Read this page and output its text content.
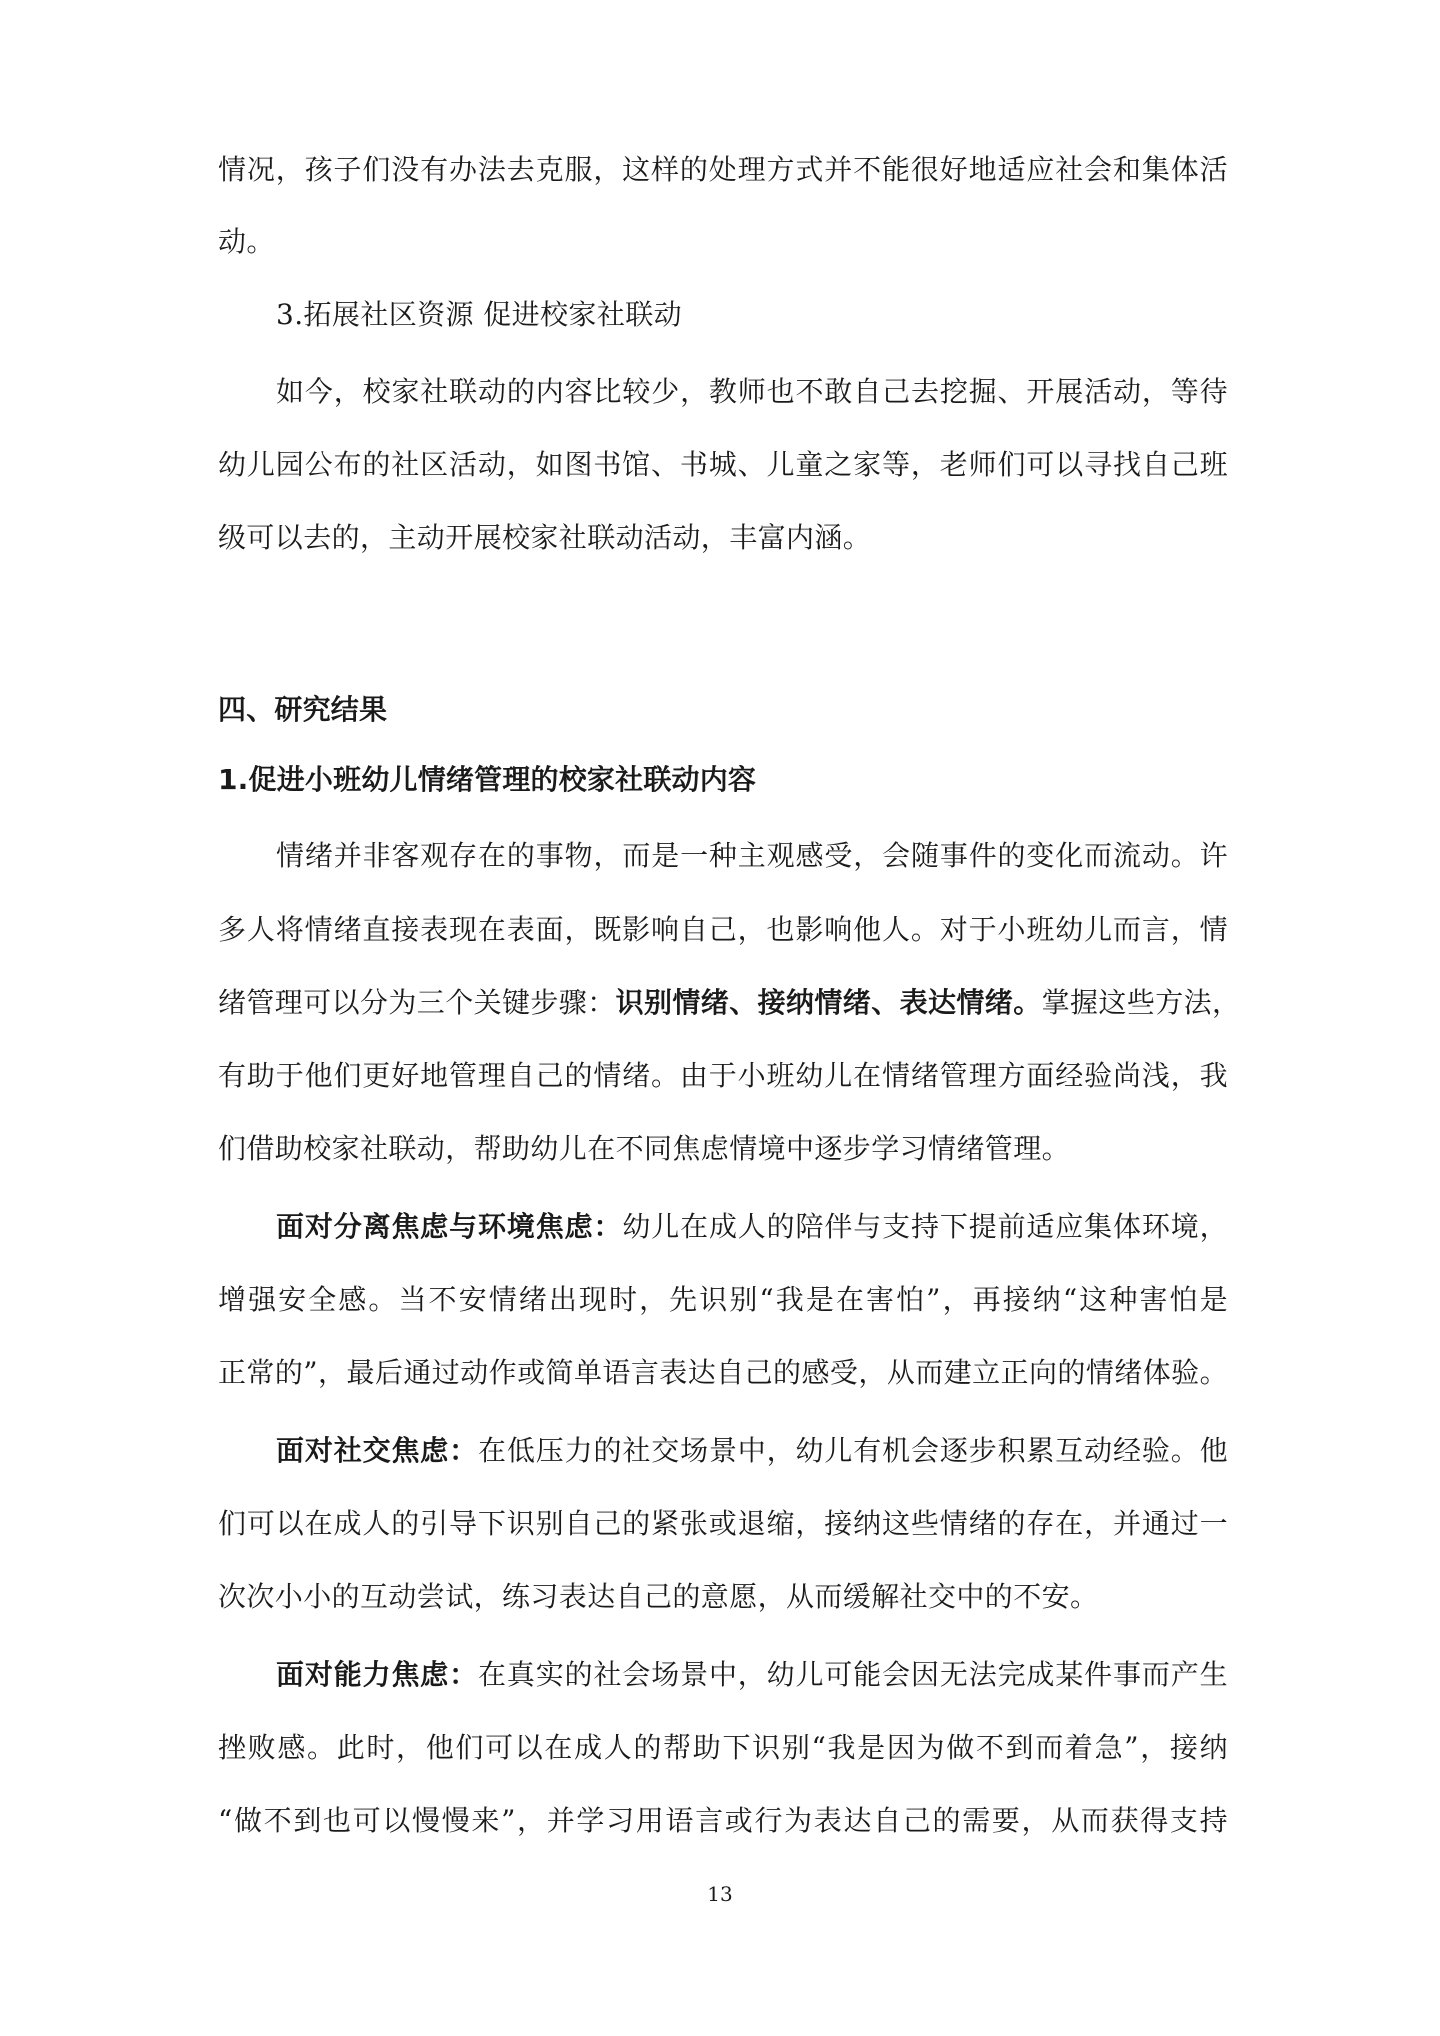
情况，孩子们没有办法去克服，这样的处理方式并不能很好地适应社会和集体活
动。
3.拓展社区资源 促进校家社联动
如今，校家社联动的内容比较少，教师也不敢自己去挖掘、开展活动，等待
幼儿园公布的社区活动，如图书馆、书城、儿童之家等，老师们可以寻找自己班
级可以去的，主动开展校家社联动活动，丰富内涵。
四、研究结果
1.促进小班幼儿情绪管理的校家社联动内容
情绪并非客观存在的事物，而是一种主观感受，会随事件的变化而流动。许
多人将情绪直接表现在表面，既影响自己，也影响他人。对于小班幼儿而言，情
绪管理可以分为三个关键步骤：识别情绪、接纳情绪、表达情绪。掌握这些方法，
有助于他们更好地管理自己的情绪。由于小班幼儿在情绪管理方面经验尚浅，我
们借助校家社联动，帮助幼儿在不同焦虑情境中逐步学习情绪管理。
面对分离焦虑与环境焦虑：幼儿在成人的陪伴与支持下提前适应集体环境，
增强安全感。当不安情绪出现时，先识别“我是在害怕”，再接纳“这种害怕是
正常的”，最后通过动作或简单语言表达自己的感受，从而建立正向的情绪体验。
面对社交焦虑：在低压力的社交场景中，幼儿有机会逐步积累互动经验。他
们可以在成人的引导下识别自己的紧张或退缩，接纳这些情绪的存在，并通过一
次次小小的互动尝试，练习表达自己的意愿，从而缓解社交中的不安。
面对能力焦虑：在真实的社会场景中，幼儿可能会因无法完成某件事而产生
挫败感。此时，他们可以在成人的帮助下识别“我是因为做不到而着急”，接纳
“做不到也可以慢慢来”，并学习用语言或行为表达自己的需要，从而获得支持
13
